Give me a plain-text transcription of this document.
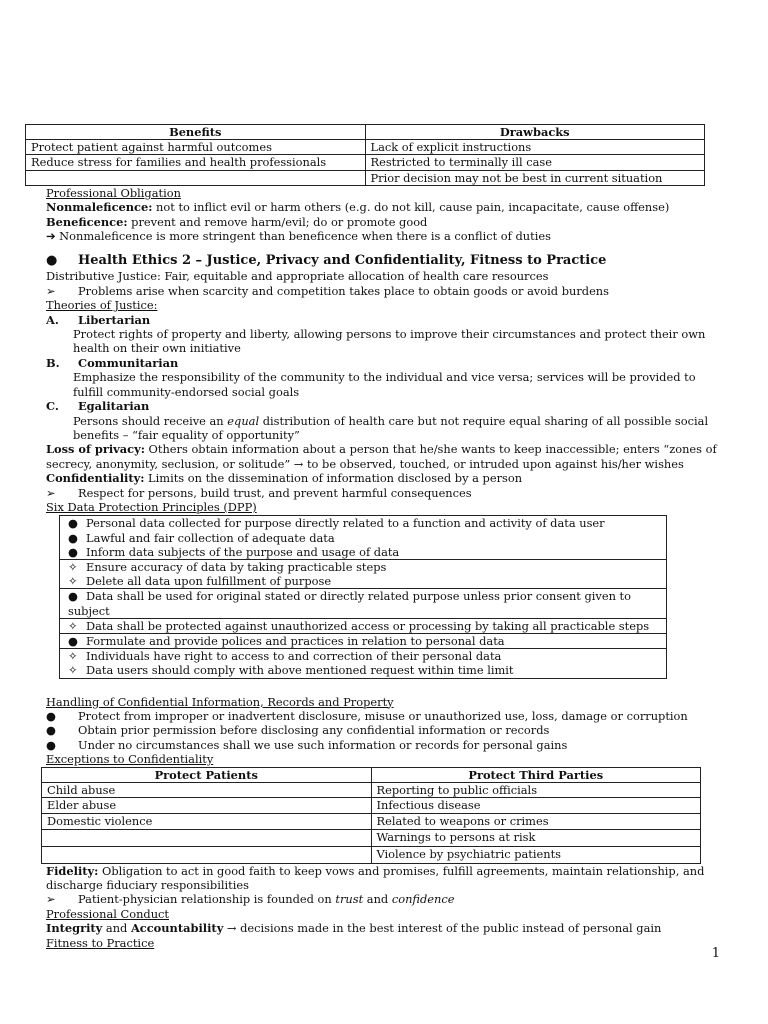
Benefits	Drawbacks
Protect patient against harmful outcomes	Lack of explicit instructions
Reduce stress for families and health professionals	Restricted to terminally ill case
	Prior decision may not be best in current situation

Professional Obligation

Nonmaleficence: not to inflict evil or harm others (e.g. do not kill, cause pain, incapacitate, cause offense)

Beneficence: prevent and remove harm/evil; do or promote good

➔ Nonmaleficence is more stringent than beneficence when there is a conflict of duties

●	Health Ethics 2 – Justice, Privacy and Confidentiality, Fitness to Practice

Distributive Justice: Fair, equitable and appropriate allocation of health care resources

➢	Problems arise when scarcity and competition takes place to obtain goods or avoid burdens

Theories of Justice:

A.	Libertarian

Protect rights of property and liberty, allowing persons to improve their circumstances and protect their own health on their own initiative

B.	Communitarian

Emphasize the responsibility of the community to the individual and vice versa; services will be provided to fulfill community-endorsed social goals

C.	Egalitarian

Persons should receive an equal distribution of health care but not require equal sharing of all possible social benefits – “fair equality of opportunity”

Loss of privacy: Others obtain information about a person that he/she wants to keep inaccessible; enters “zones of secrecy, anonymity, seclusion, or solitude” → to be observed, touched, or intruded upon against his/her wishes

Confidentiality: Limits on the dissemination of information disclosed by a person

➢	Respect for persons, build trust, and prevent harmful consequences

Six Data Protection Principles (DPP)

● Personal data collected for purpose directly related to a function and activity of data user
● Lawful and fair collection of adequate data
● Inform data subjects of the purpose and usage of data

✧ Ensure accuracy of data by taking practicable steps
✧ Delete all data upon fulfillment of purpose

● Data shall be used for original stated or directly related purpose unless prior consent given to subject

✧ Data shall be protected against unauthorized access or processing by taking all practicable steps

● Formulate and provide polices and practices in relation to personal data

✧ Individuals have right to access to and correction of their personal data
✧ Data users should comply with above mentioned request within time limit

Handling of Confidential Information, Records and Property

●	Protect from improper or inadvertent disclosure, misuse or unauthorized use, loss, damage or corruption
●	Obtain prior permission before disclosing any confidential information or records
●	Under no circumstances shall we use such information or records for personal gains

Exceptions to Confidentiality

Protect Patients	Protect Third Parties
Child abuse	Reporting to public officials
Elder abuse	Infectious disease
Domestic violence	Related to weapons or crimes
	Warnings to persons at risk
	Violence by psychiatric patients

Fidelity: Obligation to act in good faith to keep vows and promises, fulfill agreements, maintain relationship, and discharge fiduciary responsibilities

➢	Patient-physician relationship is founded on trust and confidence

Professional Conduct

Integrity and Accountability → decisions made in the best interest of the public instead of personal gain

Fitness to Practice

1
